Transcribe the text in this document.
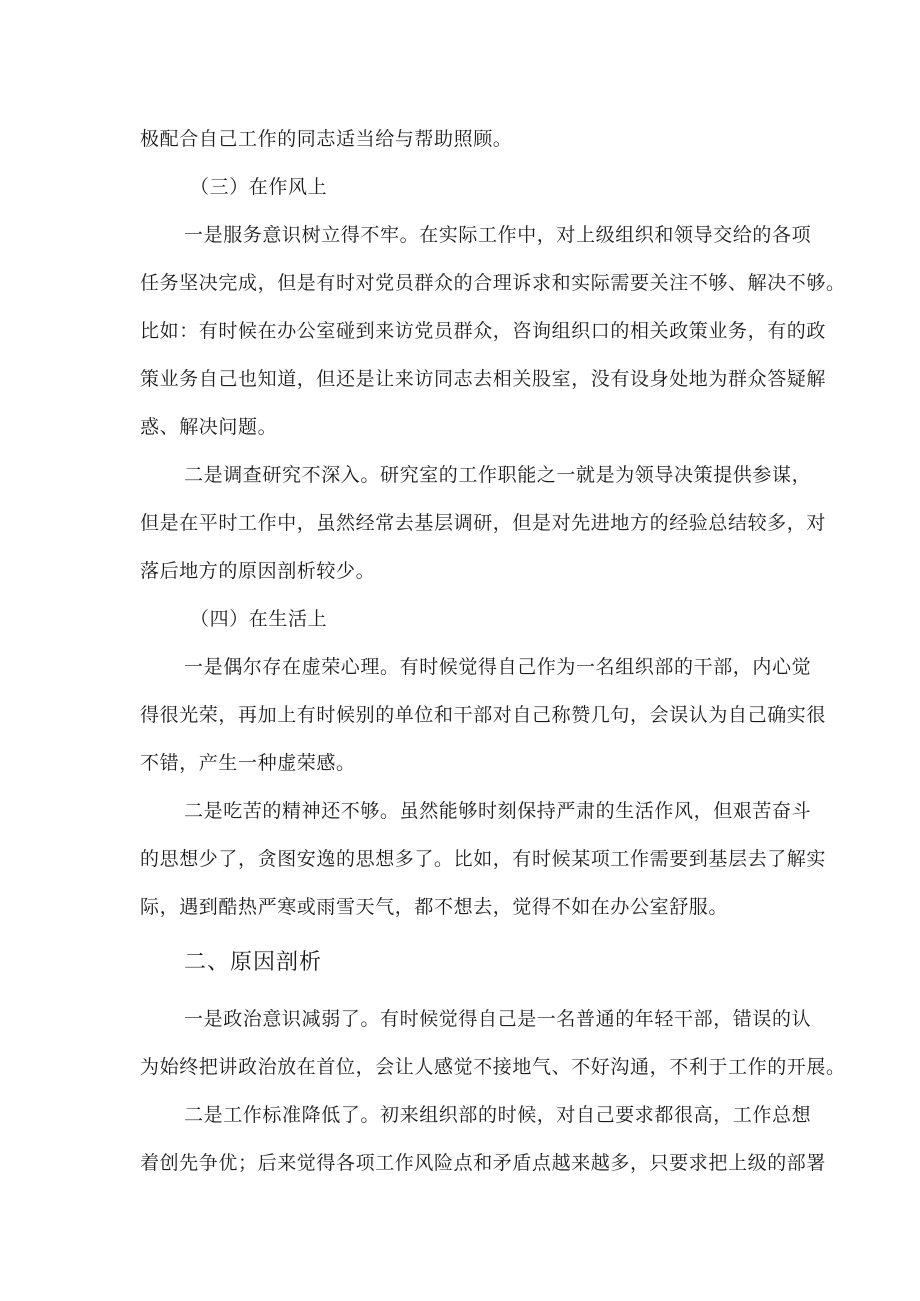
极配合自己工作的同志适当给与帮助照顾。
（三）在作风上
一是服务意识树立得不牢。在实际工作中，对上级组织和领导交给的各项
任务坚决完成，但是有时对党员群众的合理诉求和实际需要关注不够、解决不够。
比如：有时候在办公室碰到来访党员群众，咨询组织口的相关政策业务，有的政
策业务自己也知道，但还是让来访同志去相关股室，没有设身处地为群众答疑解
惑、解决问题。
二是调查研究不深入。研究室的工作职能之一就是为领导决策提供参谋，
但是在平时工作中，虽然经常去基层调研，但是对先进地方的经验总结较多，对
落后地方的原因剖析较少。
（四）在生活上
一是偶尔存在虚荣心理。有时候觉得自己作为一名组织部的干部，内心觉
得很光荣，再加上有时候别的单位和干部对自己称赞几句，会误认为自己确实很
不错，产生一种虚荣感。
二是吃苦的精神还不够。虽然能够时刻保持严肃的生活作风，但艰苦奋斗
的思想少了，贪图安逸的思想多了。比如，有时候某项工作需要到基层去了解实
际，遇到酷热严寒或雨雪天气，都不想去，觉得不如在办公室舒服。
二、原因剖析
一是政治意识减弱了。有时候觉得自己是一名普通的年轻干部，错误的认
为始终把讲政治放在首位，会让人感觉不接地气、不好沟通，不利于工作的开展。
二是工作标准降低了。初来组织部的时候，对自己要求都很高，工作总想
着创先争优；后来觉得各项工作风险点和矛盾点越来越多，只要求把上级的部署
